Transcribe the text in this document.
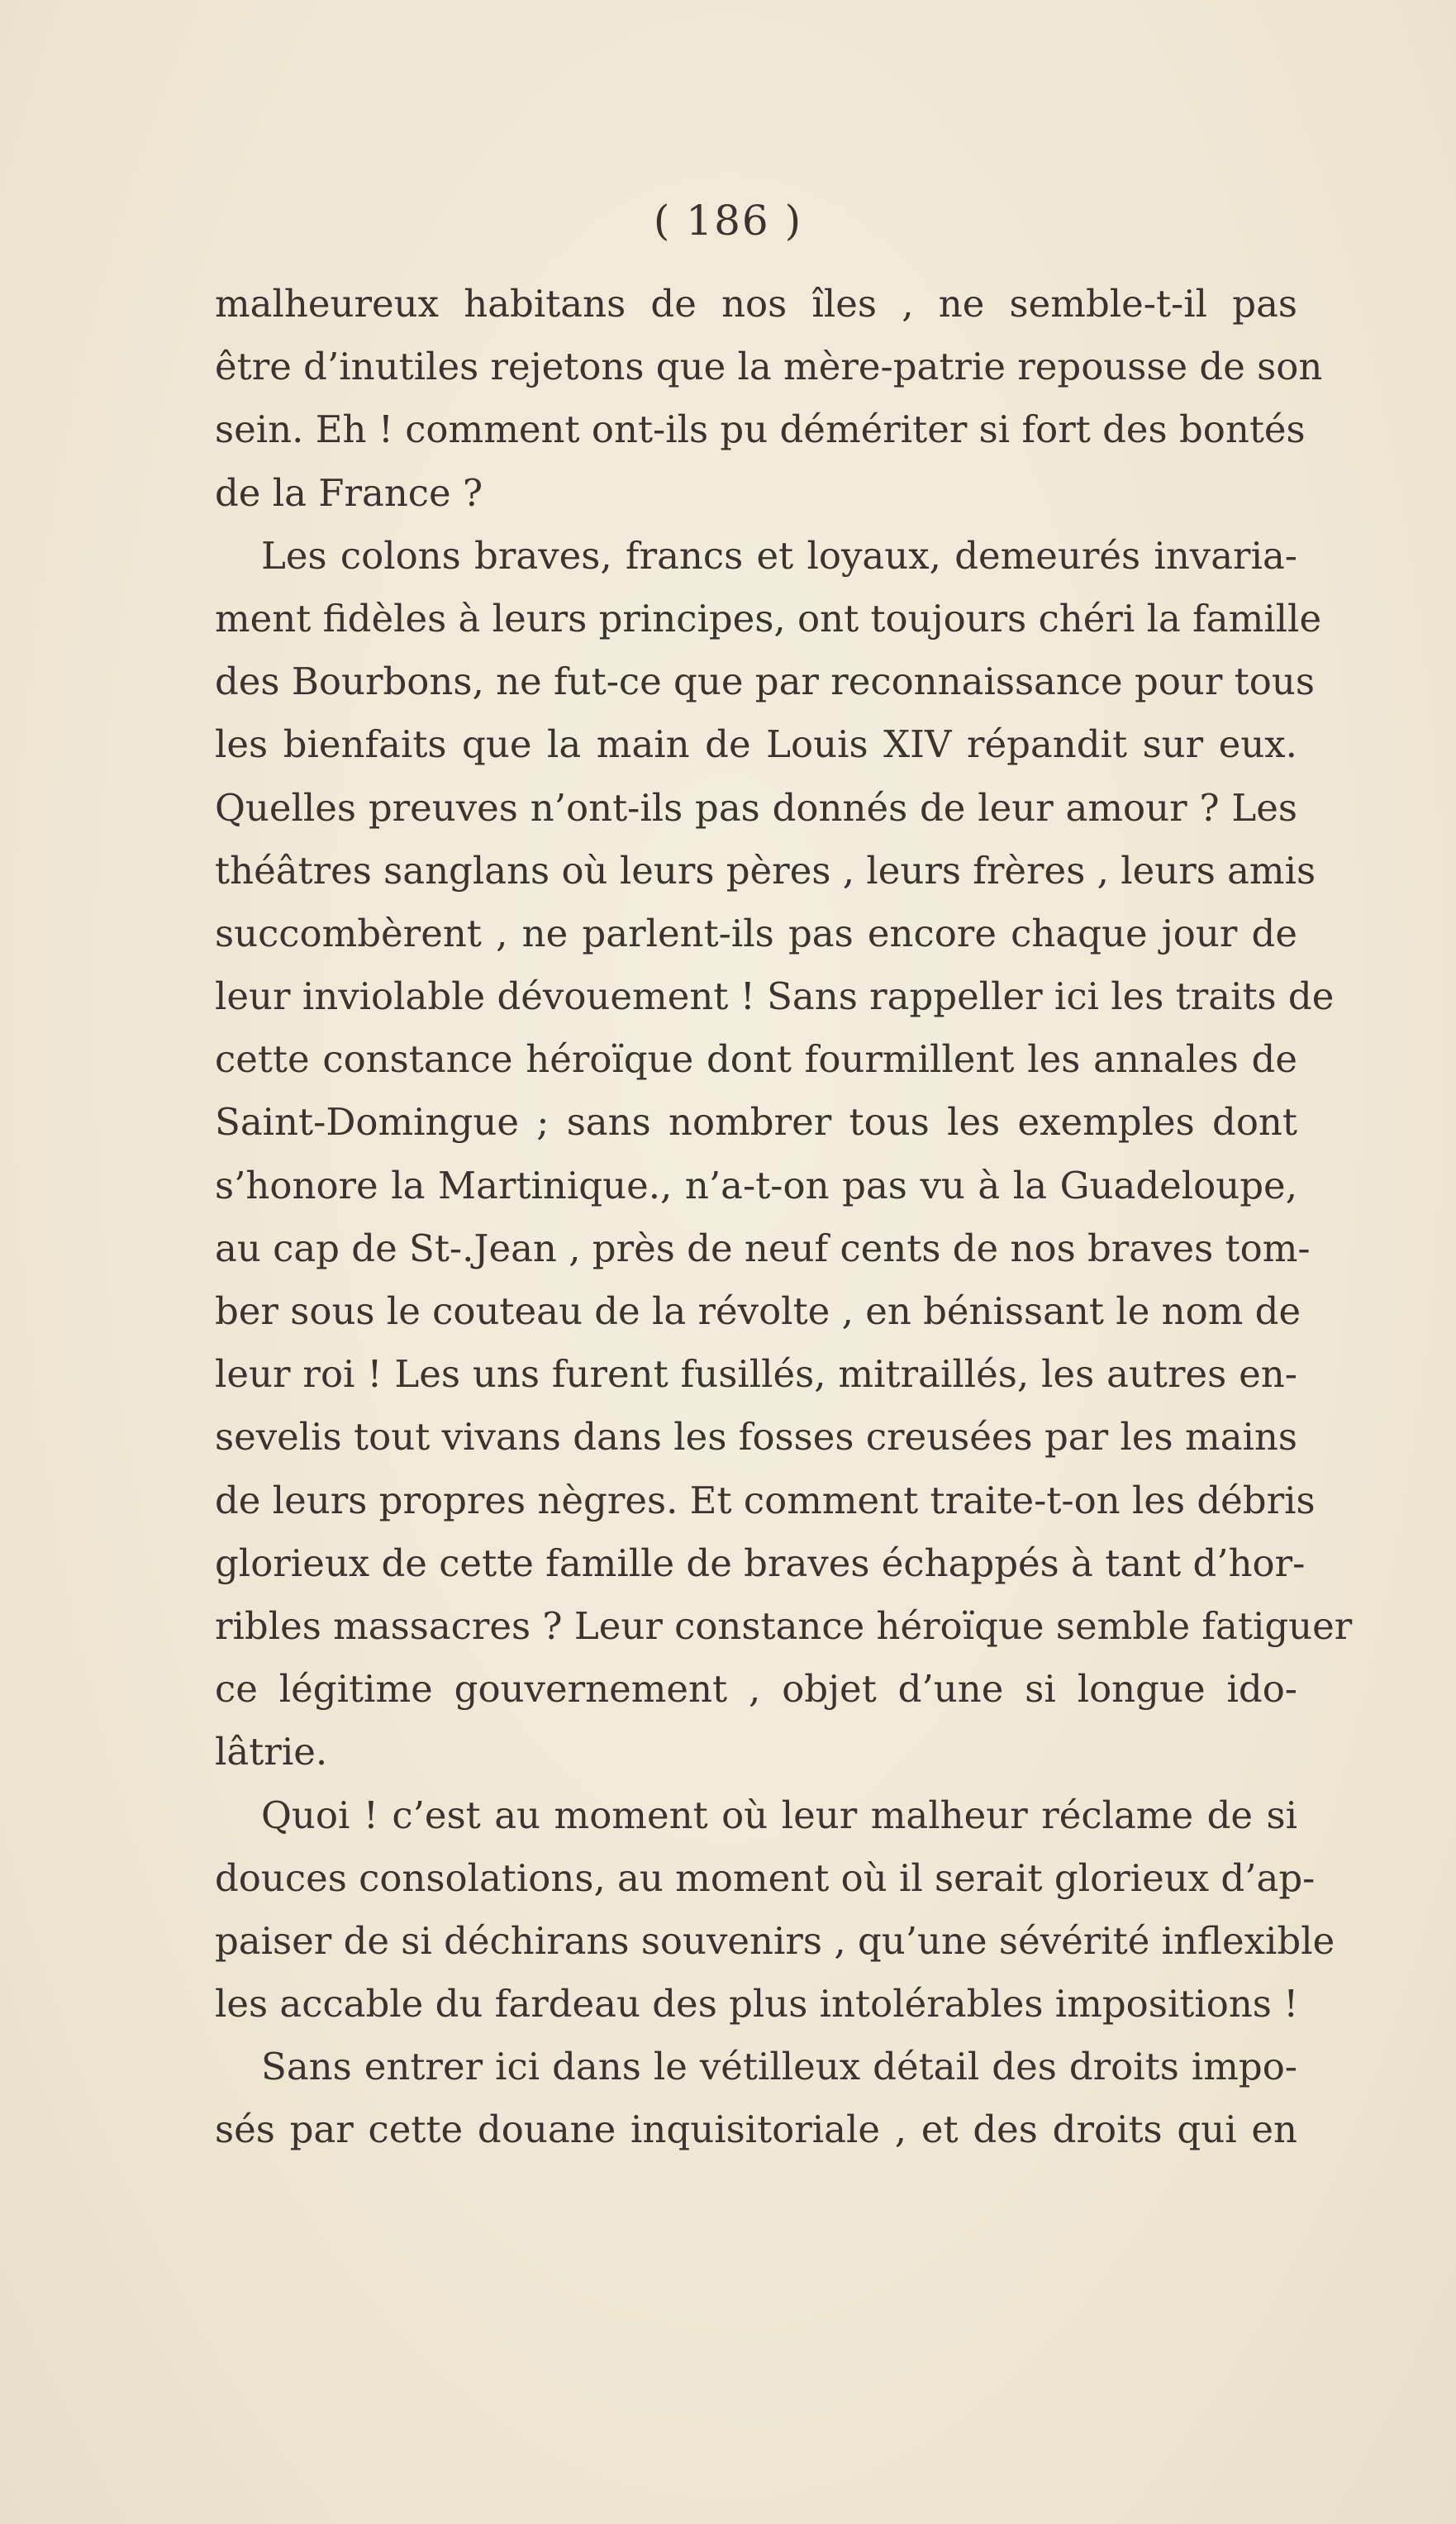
( 186 )
malheureux habitans de nos îles , ne semble-t-il pas
être d’inutiles rejetons que la mère-patrie repousse de son
sein. Eh ! comment ont-ils pu démériter si fort des bontés
de la France ?
Les colons braves, francs et loyaux, demeurés invaria-
ment fidèles à leurs principes, ont toujours chéri la famille
des Bourbons, ne fut-ce que par reconnaissance pour tous
les bienfaits que la main de Louis XIV répandit sur eux.
Quelles preuves n’ont-ils pas donnés de leur amour ? Les
théâtres sanglans où leurs pères , leurs frères , leurs amis
succombèrent , ne parlent-ils pas encore chaque jour de
leur inviolable dévouement ! Sans rappeller ici les traits de
cette constance héroïque dont fourmillent les annales de
Saint-Domingue ; sans nombrer tous les exemples dont
s’honore la Martinique., n’a-t-on pas vu à la Guadeloupe,
au cap de St-.Jean , près de neuf cents de nos braves tom-
ber sous le couteau de la révolte , en bénissant le nom de
leur roi ! Les uns furent fusillés, mitraillés, les autres en-
sevelis tout vivans dans les fosses creusées par les mains
de leurs propres nègres. Et comment traite-t-on les débris
glorieux de cette famille de braves échappés à tant d’hor-
ribles massacres ? Leur constance héroïque semble fatiguer
ce légitime gouvernement , objet d’une si longue ido-
lâtrie.
Quoi ! c’est au moment où leur malheur réclame de si
douces consolations, au moment où il serait glorieux d’ap-
paiser de si déchirans souvenirs , qu’une sévérité inflexible
les accable du fardeau des plus intolérables impositions !
Sans entrer ici dans le vétilleux détail des droits impo-
sés par cette douane inquisitoriale , et des droits qui en
